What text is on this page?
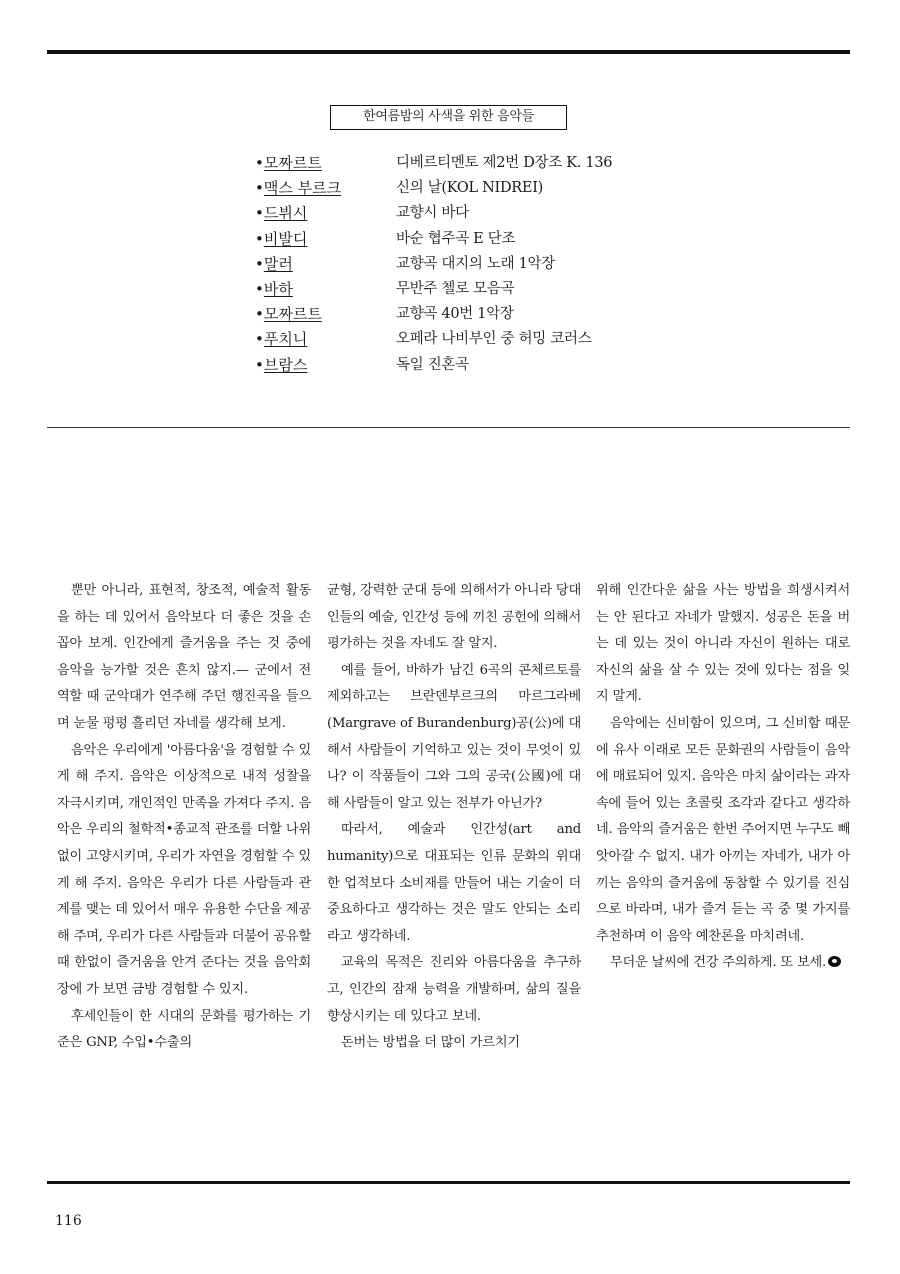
한여름밤의 사색을 위한 음악들
•모짜르트	디베르티멘토 제2번 D장조 K. 136
•맥스 부르크	신의 날(KOL NIDREI)
•드뷔시	교향시 바다
•비발디	바순 협주곡 E 단조
•말러	교향곡 대지의 노래 1악장
•바하	무반주 첼로 모음곡
•모짜르트	교향곡 40번 1악장
•푸치니	오페라 나비부인 중 허밍 코러스
•브람스	독일 진혼곡

뿐만 아니라, 표현적, 창조적, 예술적 활동을 하는 데 있어서 음악보다 더 좋은 것을 손꼽아 보게. 인간에게 즐거움을 주는 것 중에 음악을 능가할 것은 흔치 않지.— 군에서 전역할 때 군악대가 연주해 주던 행진곡을 들으며 눈물 펑펑 흘리던 자네를 생각해 보게.

음악은 우리에게 '아름다움'을 경험할 수 있게 해 주지. 음악은 이상적으로 내적 성찰을 자극시키며, 개인적인 만족을 가져다 주지. 음악은 우리의 철학적•종교적 관조를 더할 나위없이 고양시키며, 우리가 자연을 경험할 수 있게 해 주지. 음악은 우리가 다른 사람들과 관계를 맺는 데 있어서 매우 유용한 수단을 제공해 주며, 우리가 다른 사람들과 더불어 공유할 때 한없이 즐거움을 안겨 준다는 것을 음악회장에 가 보면 금방 경험할 수 있지.

후세인들이 한 시대의 문화를 평가하는 기준은 GNP, 수입•수출의

균형, 강력한 군대 등에 의해서가 아니라 당대인들의 예술, 인간성 등에 끼친 공헌에 의해서 평가하는 것을 자네도 잘 알지.

예를 들어, 바하가 남긴 6곡의 콘체르토를 제외하고는 브란덴부르크의 마르그라베(Margrave of Burandenburg)공(公)에 대해서 사람들이 기억하고 있는 것이 무엇이 있나? 이 작품들이 그와 그의 공국(公國)에 대해 사람들이 알고 있는 전부가 아닌가?

따라서, 예술과 인간성(art and humanity)으로 대표되는 인류 문화의 위대한 업적보다 소비재를 만들어 내는 기술이 더 중요하다고 생각하는 것은 말도 안되는 소리라고 생각하네.

교육의 목적은 진리와 아름다움을 추구하고, 인간의 잠재 능력을 개발하며, 삶의 질을 향상시키는 데 있다고 보네.

돈버는 방법을 더 많이 가르치기

위해 인간다운 삶을 사는 방법을 희생시켜서는 안 된다고 자네가 말했지. 성공은 돈을 버는 데 있는 것이 아니라 자신이 원하는 대로 자신의 삶을 살 수 있는 것에 있다는 점을 잊지 말게.

음악에는 신비함이 있으며, 그 신비함 때문에 유사 이래로 모든 문화권의 사람들이 음악에 매료되어 있지. 음악은 마치 삶이라는 과자 속에 들어 있는 초콜릿 조각과 같다고 생각하네. 음악의 즐거움은 한번 주어지면 누구도 빼앗아갈 수 없지. 내가 아끼는 자네가, 내가 아끼는 음악의 즐거움에 동참할 수 있기를 진심으로 바라며, 내가 즐겨 듣는 곡 중 몇 가지를 추천하며 이 음악 예찬론을 마치려네.

무더운 날씨에 건강 주의하게. 또 보세.

116
